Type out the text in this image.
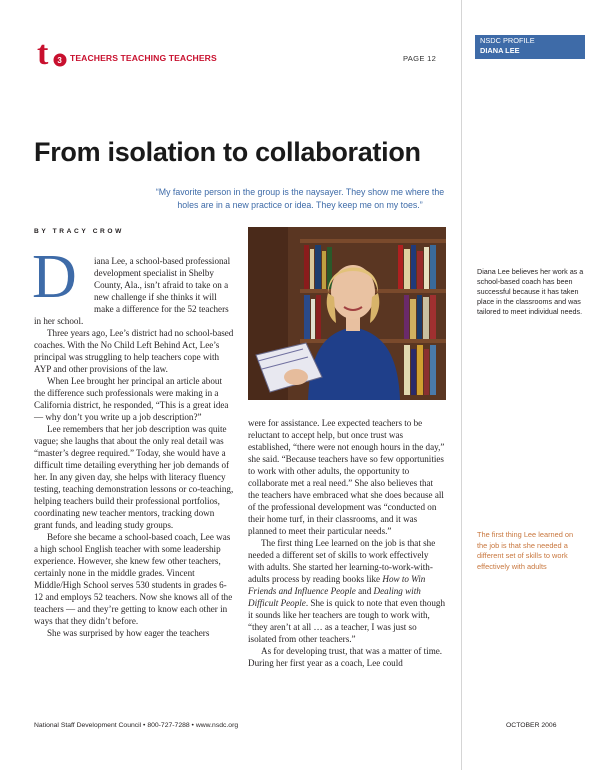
t 3 TEACHERS TEACHING TEACHERS	PAGE 12
NSDC PROFILE
DIANA LEE
From isolation to collaboration
“My favorite person in the group is the naysayer. They show me where the holes are in a new practice or idea. They keep me on my toes.”
BY TRACY CROW
D	iana Lee, a school-based professional development specialist in Shelby County, Ala., isn’t afraid to take on a new challenge if she thinks it will make a difference for the 52 teachers in her school.

Three years ago, Lee’s district had no school-based coaches. With the No Child Left Behind Act, Lee’s principal was struggling to help teachers cope with AYP and other provisions of the law.

When Lee brought her principal an article about the difference such professionals were making in a California district, he responded, “This is a great idea — why don’t you write up a job description?”

Lee remembers that her job description was quite vague; she laughs that about the only real detail was “master’s degree required.” Today, she would have a difficult time detailing everything her job demands of her. In any given day, she helps with literacy fluency testing, teaching demonstration lessons or co-teaching, helping teachers build their professional portfolios, coordinating new teacher mentors, tracking down grant funds, and leading study groups.

Before she became a school-based coach, Lee was a high school English teacher with some leadership experience. However, she knew few other teachers, certainly none in the middle grades. Vincent Middle/High School serves 530 students in grades 6-12 and employs 52 teachers. Now she knows all of the teachers — and they’re getting to know each other in ways that they didn’t before.

She was surprised by how eager the teachers

were for assistance. Lee expected teachers to be reluctant to accept help, but once trust was established, “there were not enough hours in the day,” she said. “Because teachers have so few opportunities to work with other adults, the opportunity to collaborate met a real need.” She also believes that the teachers have embraced what she does because all of the professional development was “conducted on their home turf, in their classrooms, and it was planned to meet their particular needs.”

The first thing Lee learned on the job is that she needed a different set of skills to work effectively with adults. She started her learning-to-work-with-adults process by reading books like How to Win Friends and Influence People and Dealing with Difficult People. She is quick to note that even though it sounds like her teachers are tough to work with, “they aren’t at all … as a teacher, I was just so isolated from other teachers.”

As for developing trust, that was a matter of time. During her first year as a coach, Lee could

Diana Lee believes her work as a school-based coach has been successful because it has taken place in the classrooms and was tailored to meet individual needs.
The first thing Lee learned on the job is that she needed a different set of skills to work effectively with adults
National Staff Development Council • 800-727-7288 • www.nsdc.org	OCTOBER 2006
